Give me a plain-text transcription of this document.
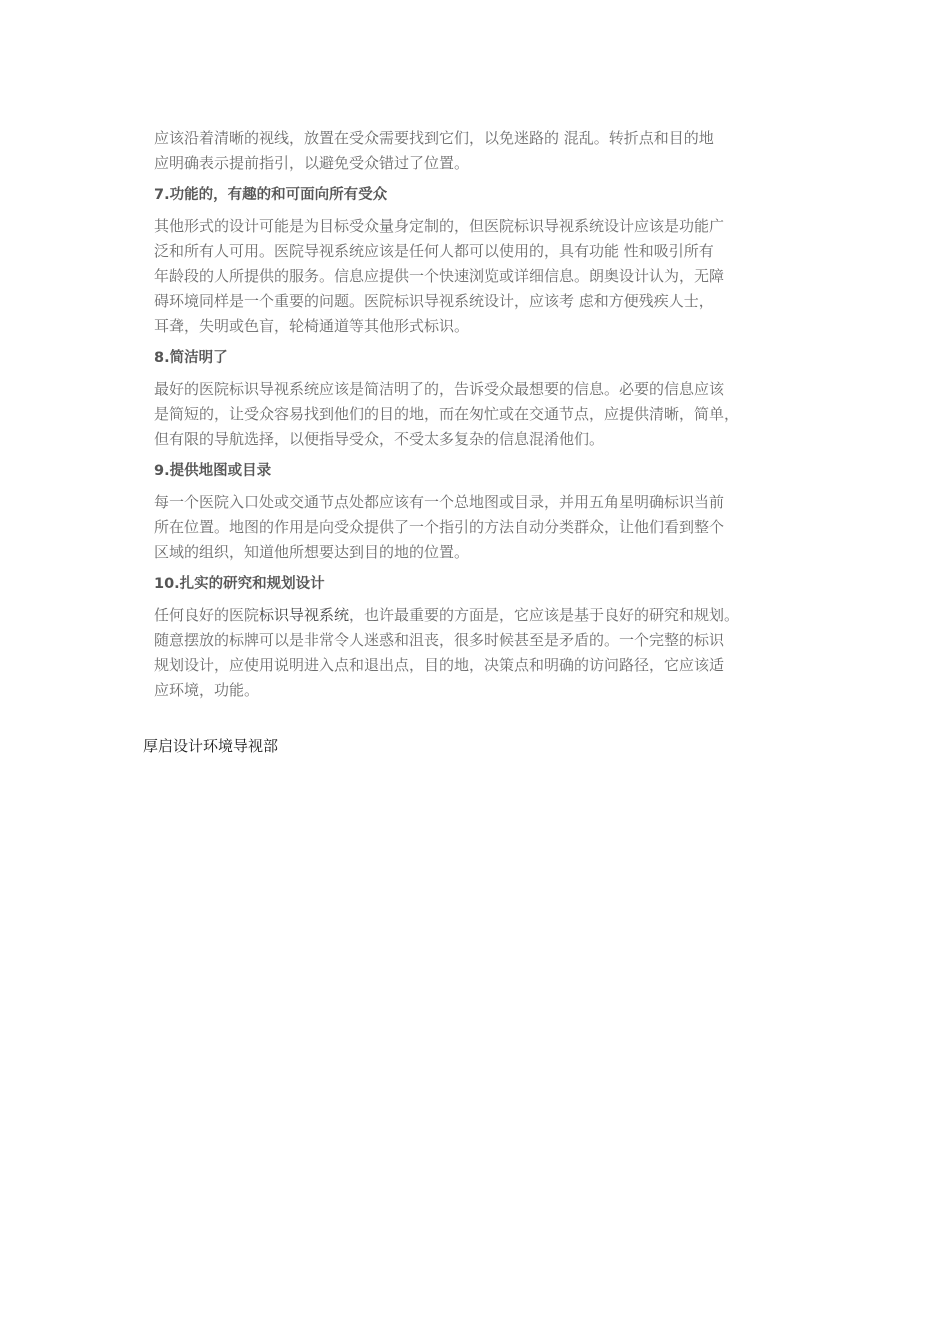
应该沿着清晰的视线，放置在受众需要找到它们，以免迷路的 混乱。转折点和目的地
应明确表示提前指引，以避免受众错过了位置。

7.功能的，有趣的和可面向所有受众

其他形式的设计可能是为目标受众量身定制的，但医院标识导视系统设计应该是功能广
泛和所有人可用。医院导视系统应该是任何人都可以使用的，具有功能 性和吸引所有
年龄段的人所提供的服务。信息应提供一个快速浏览或详细信息。朗奥设计认为，无障
碍环境同样是一个重要的问题。医院标识导视系统设计，应该考 虑和方便残疾人士，
耳聋，失明或色盲，轮椅通道等其他形式标识。

8.简洁明了

最好的医院标识导视系统应该是简洁明了的，告诉受众最想要的信息。必要的信息应该
是简短的，让受众容易找到他们的目的地，而在匆忙或在交通节点，应提供清晰，简单，
但有限的导航选择，以便指导受众，不受太多复杂的信息混淆他们。

9.提供地图或目录

每一个医院入口处或交通节点处都应该有一个总地图或目录，并用五角星明确标识当前
所在位置。地图的作用是向受众提供了一个指引的方法自动分类群众，让他们看到整个
区域的组织，知道他所想要达到目的地的位置。

10.扎实的研究和规划设计

任何良好的医院标识导视系统，也许最重要的方面是，它应该是基于良好的研究和规划。
随意摆放的标牌可以是非常令人迷惑和沮丧，很多时候甚至是矛盾的。一个完整的标识
规划设计，应使用说明进入点和退出点，目的地，决策点和明确的访问路径，它应该适
应环境，功能。

厚启设计环境导视部
